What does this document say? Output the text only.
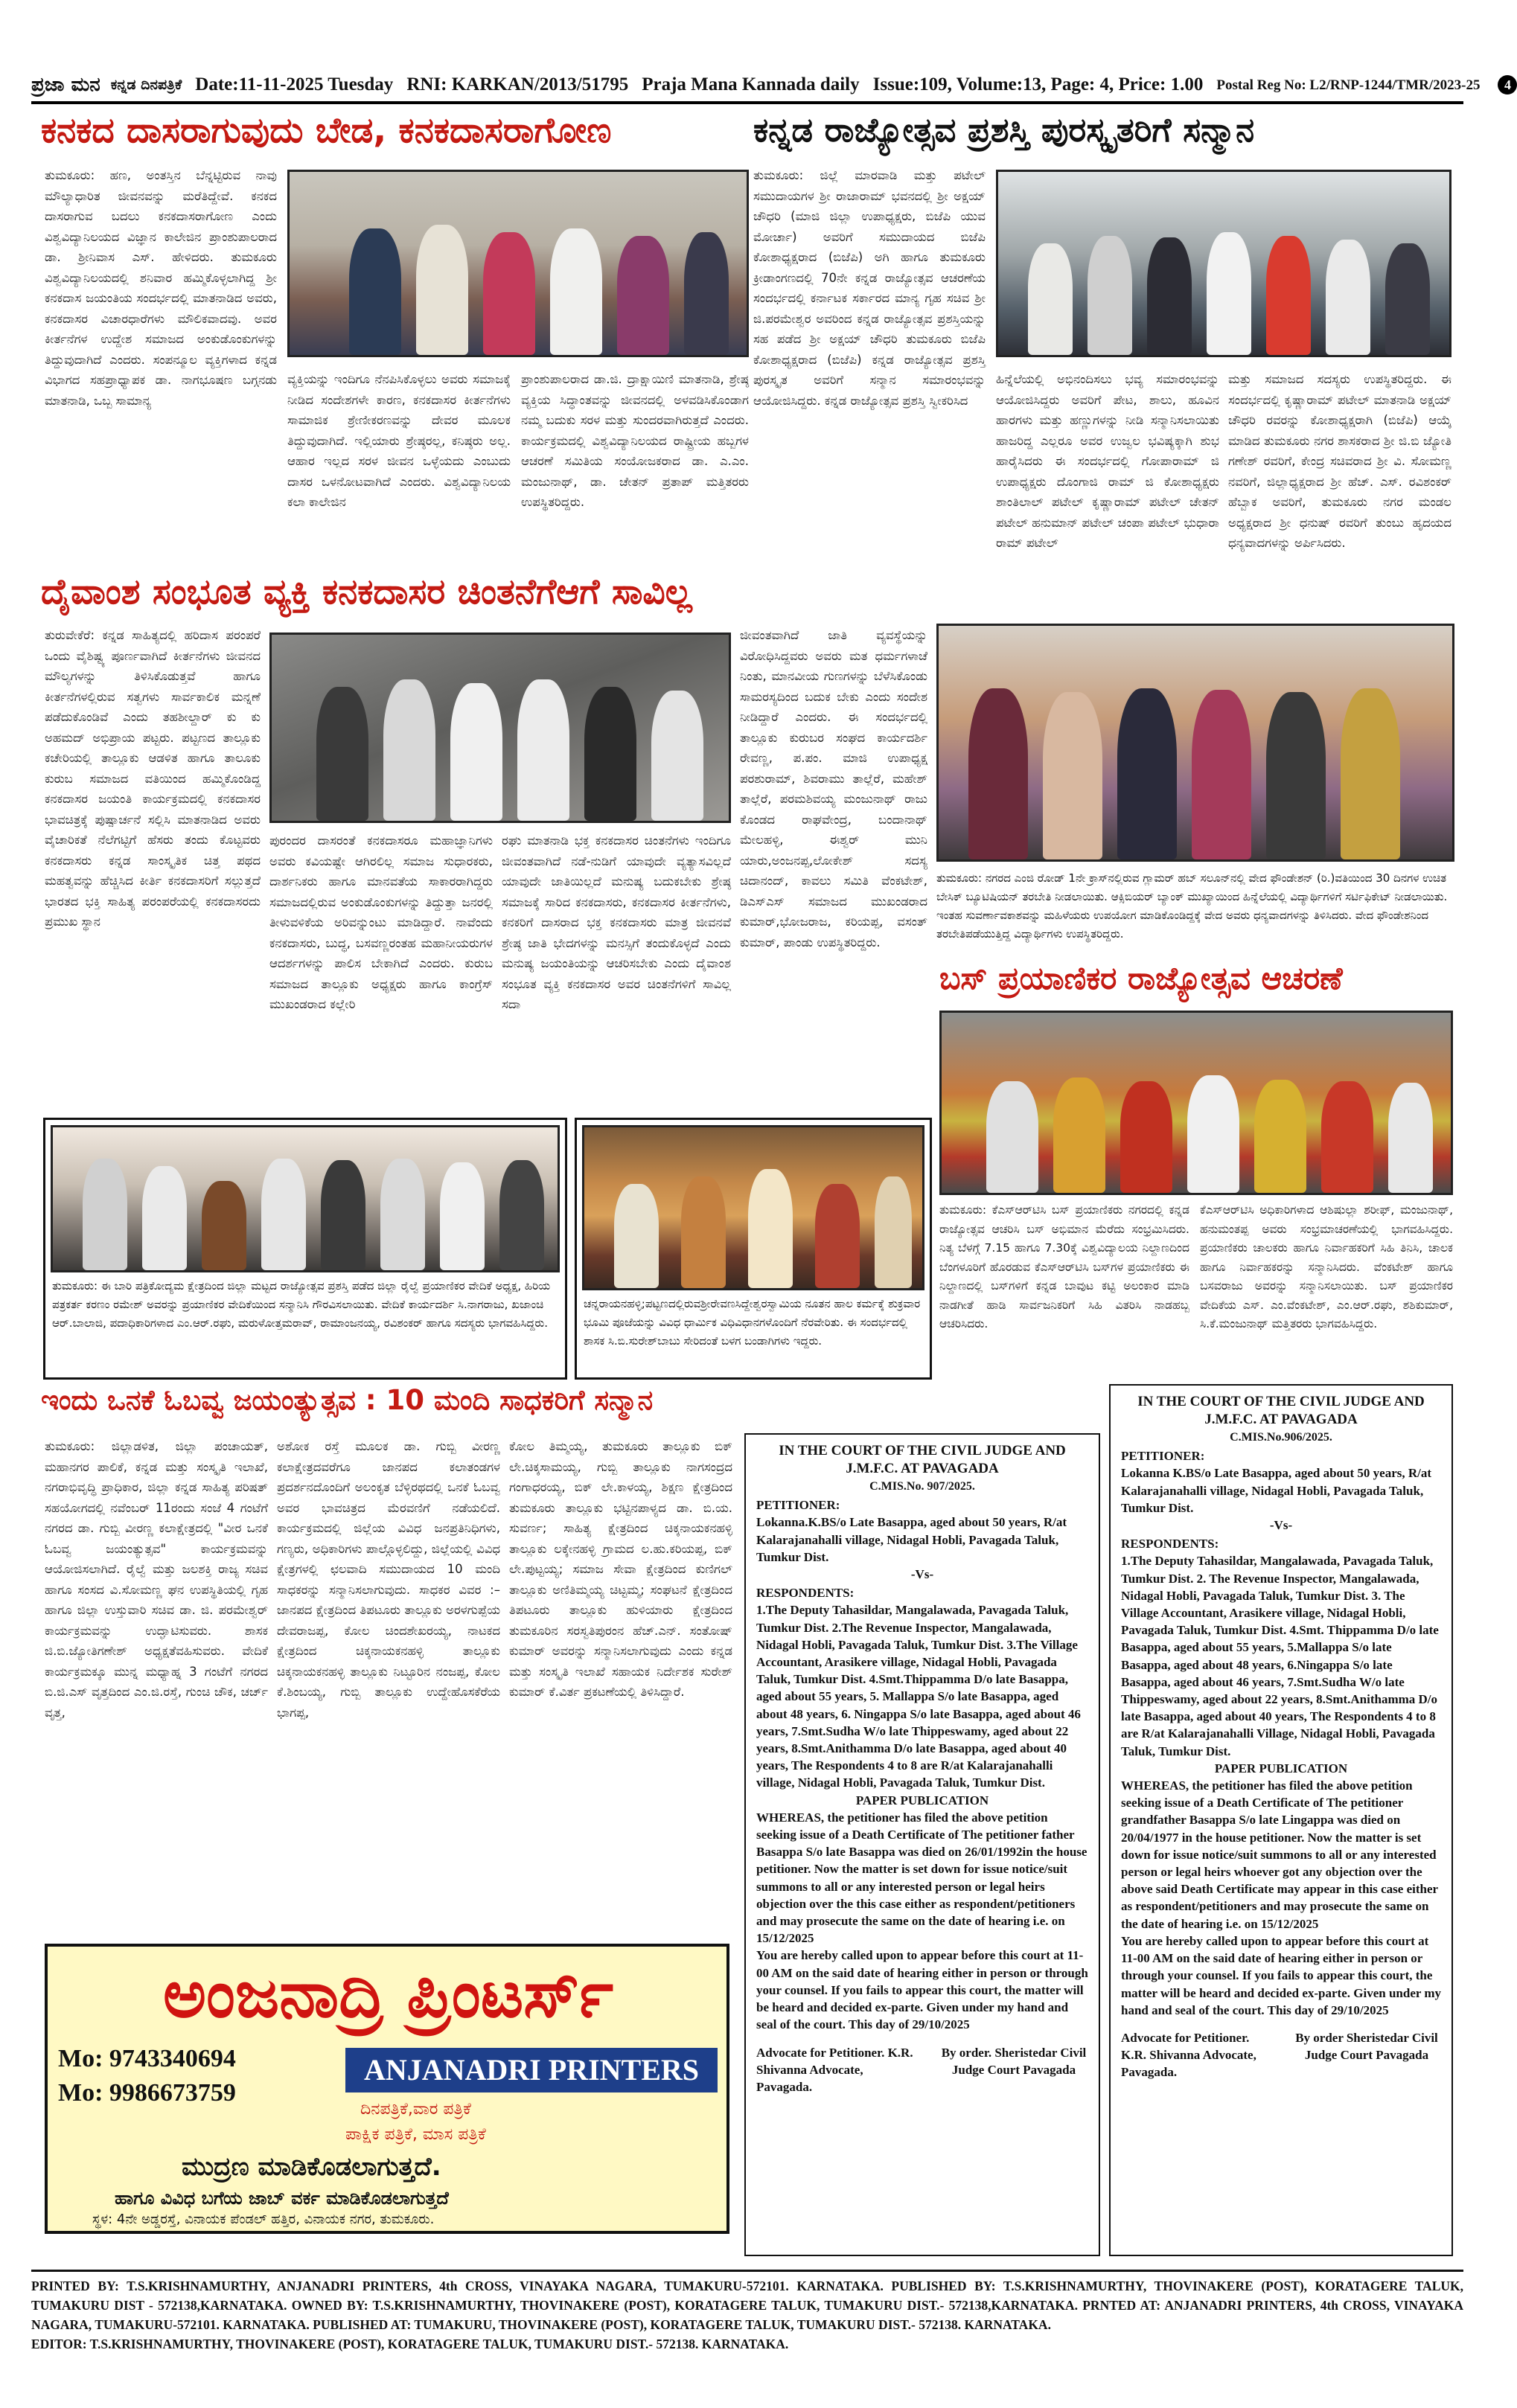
ಪ್ರಜಾ ಮನ ಕನ್ನಡ ದಿನಪತ್ರಿಕೆ Date:11-11-2025 Tuesday RNI: KARKAN/2013/51795 Praja Mana Kannada daily Issue:109, Volume:13, Page: 4, Price: 1.00 Postal Reg No: L2/RNP-1244/TMR/2023-25 4
ಕನಕದ ದಾಸರಾಗುವುದು ಬೇಡ, ಕನಕದಾಸರಾಗೋಣ
ತುಮಕೂರು: ಹಣ, ಅಂತಸ್ತಿನ ಬೆನ್ನಟ್ಟಿರುವ ನಾವು ಮೌಲ್ಯಾಧಾರಿತ ಜೀವನವನ್ನು ಮರೆತಿದ್ದೇವೆ. ಕನಕದ ದಾಸರಾಗುವ ಬದಲು ಕನಕದಾಸರಾಗೋಣ ಎಂದು ವಿಶ್ವವಿದ್ಯಾನಿಲಯದ ವಿಜ್ಞಾನ ಕಾಲೇಜಿನ ಪ್ರಾಂಶುಪಾಲರಾದ ಡಾ. ಶ್ರೀನಿವಾಸ ಎಸ್. ಹೇಳಿದರು. ತುಮಕೂರು ವಿಶ್ವವಿದ್ಯಾನಿಲಯದಲ್ಲಿ ಶನಿವಾರ ಹಮ್ಮಿಕೊಳ್ಳಲಾಗಿದ್ದ ಶ್ರೀ ಕನಕದಾಸ ಜಯಂತಿಯ ಸಂದರ್ಭದಲ್ಲಿ ಮಾತನಾಡಿದ ಅವರು, ಕನಕದಾಸರ ವಿಚಾರಧಾರೆಗಳು ಮೌಲಿಕವಾದವು. ಅವರ ಕೀರ್ತನೆಗಳ ಉದ್ದೇಶ ಸಮಾಜದ ಅಂಕುಡೊಂಕುಗಳನ್ನು ತಿದ್ದುವುದಾಗಿದೆ ಎಂದರು. ಸಂಪನ್ಮೂಲ ವ್ಯಕ್ತಿಗಳಾದ ಕನ್ನಡ ವಿಭಾಗದ ಸಹಪ್ರಾಧ್ಯಾಪಕ ಡಾ. ನಾಗಭೂಷಣ ಬಗ್ಗನಡು ಮಾತನಾಡಿ, ಒಬ್ಬ ಸಾಮಾನ್ಯ
ವ್ಯಕ್ತಿಯನ್ನು ಇಂದಿಗೂ ನೆನಪಿಸಿಕೊಳ್ಳಲು ಅವರು ಸಮಾಜಕ್ಕೆ ನೀಡಿದ ಸಂದೇಶಗಳೇ ಕಾರಣ, ಕನಕದಾಸರ ಕೀರ್ತನೆಗಳು ಸಾಮಾಜಿಕ ಶ್ರೇಣೀಕರಣವನ್ನು ದೇವರ ಮೂಲಕ ತಿದ್ದುವುದಾಗಿದೆ. ಇಲ್ಲಿಯಾರು ಶ್ರೇಷ್ಠರಲ್ಲ, ಕನಿಷ್ಠರು ಅಲ್ಲ. ಆಹಾರ ಇಲ್ಲದ ಸರಳ ಜೀವನ ಒಳ್ಳೆಯದು ಎಂಬುದು ದಾಸರ ಒಳನೋಟವಾಗಿದೆ ಎಂದರು. ವಿಶ್ವವಿದ್ಯಾನಿಲಯ ಕಲಾ ಕಾಲೇಜಿನ
ಪ್ರಾಂಶುಪಾಲರಾದ ಡಾ.ಜಿ. ದ್ರಾಕ್ಷಾಯಿಣಿ ಮಾತನಾಡಿ, ಶ್ರೇಷ್ಠ ವ್ಯಕ್ತಿಯ ಸಿದ್ಧಾಂತವನ್ನು ಜೀವನದಲ್ಲಿ ಅಳವಡಿಸಿಕೊಂಡಾಗ ನಮ್ಮ ಬದುಕು ಸರಳ ಮತ್ತು ಸುಂದರವಾಗಿರುತ್ತದೆ ಎಂದರು. ಕಾರ್ಯಕ್ರಮದಲ್ಲಿ ವಿಶ್ವವಿದ್ಯಾನಿಲಯದ ರಾಷ್ಟ್ರೀಯ ಹಬ್ಬಗಳ ಆಚರಣೆ ಸಮಿತಿಯ ಸಂಯೋಜಕರಾದ ಡಾ. ಎ.ಎಂ. ಮಂಜುನಾಥ್, ಡಾ. ಚೇತನ್ ಪ್ರತಾಪ್ ಮತ್ತಿತರರು ಉಪಸ್ಥಿತರಿದ್ದರು.
ಕನ್ನಡ ರಾಜ್ಯೋತ್ಸವ ಪ್ರಶಸ್ತಿ ಪುರಸ್ಕೃತರಿಗೆ ಸನ್ಮಾನ
ತುಮಕೂರು: ಜಿಲ್ಲೆ ಮಾರವಾಡಿ ಮತ್ತು ಪಟೇಲ್ ಸಮುದಾಯಗಳ ಶ್ರೀ ರಾಜಾರಾಮ್ ಭವನದಲ್ಲಿ ಶ್ರೀ ಅಕ್ಷಯ್ ಚೌಧರಿ (ಮಾಜಿ ಜಿಲ್ಲಾ ಉಪಾಧ್ಯಕ್ಷರು, ಬಿಜೆಪಿ ಯುವ ಮೋರ್ಚಾ) ಅವರಿಗೆ ಸಮುದಾಯದ ಬಿಜೆಪಿ ಕೋಶಾಧ್ಯಕ್ಷರಾದ (ಬಿಜೆಪಿ) ಅಗಿ ಹಾಗೂ ತುಮಕೂರು ಕ್ರೀಡಾಂಗಣದಲ್ಲಿ 70ನೇ ಕನ್ನಡ ರಾಜ್ಯೋತ್ಸವ ಆಚರಣೆಯ ಸಂದರ್ಭದಲ್ಲಿ ಕರ್ನಾಟಕ ಸರ್ಕಾರದ ಮಾನ್ಯ ಗೃಹ ಸಚಿವ ಶ್ರೀ ಜಿ.ಪರಮೇಶ್ವರ ಅವರಿಂದ ಕನ್ನಡ ರಾಜ್ಯೋತ್ಸವ ಪ್ರಶಸ್ತಿಯನ್ನು ಸಹ ಪಡೆದ ಶ್ರೀ ಅಕ್ಷಯ್ ಚೌಧರಿ ತುಮಕೂರು ಬಿಜೆಪಿ ಕೋಶಾಧ್ಯಕ್ಷರಾದ (ಬಿಜೆಪಿ) ಕನ್ನಡ ರಾಜ್ಯೋತ್ಸವ ಪ್ರಶಸ್ತಿ ಪುರಸ್ಕೃತ ಅವರಿಗೆ ಸನ್ಮಾನ ಸಮಾರಂಭವನ್ನು ಆಯೋಜಿಸಿದ್ದರು. ಕನ್ನಡ ರಾಜ್ಯೋತ್ಸವ ಪ್ರಶಸ್ತಿ ಸ್ವೀಕರಿಸಿದ
ಹಿನ್ನೆಲೆಯಲ್ಲಿ ಅಭಿನಂದಿಸಲು ಭವ್ಯ ಸಮಾರಂಭವನ್ನು ಆಯೋಜಿಸಿದ್ದರು ಅವರಿಗೆ ಪೇಟ, ಶಾಲು, ಹೂವಿನ ಹಾರಗಳು ಮತ್ತು ಹಣ್ಣುಗಳನ್ನು ನೀಡಿ ಸನ್ಮಾನಿಸಲಾಯಿತು ಹಾಜರಿದ್ದ ಎಲ್ಲರೂ ಅವರ ಉಜ್ವಲ ಭವಿಷ್ಯಕ್ಕಾಗಿ ಶುಭ ಹಾರೈಸಿದರು ಈ ಸಂದರ್ಭದಲ್ಲಿ ಗೋಪಾರಾಮ್ ಜಿ ಉಪಾಧ್ಯಕ್ಷರು ದೊಂಗಾಜಿ ರಾಮ್ ಜಿ ಕೋಶಾಧ್ಯಕ್ಷರು ಶಾಂತಿಲಾಲ್ ಪಟೇಲ್ ಕೃಷ್ಣಾರಾಮ್ ಪಟೇಲ್ ಚೇತನ್ ಪಟೇಲ್ ಹನುಮಾನ್ ಪಟೇಲ್ ಚಂಪಾ ಪಟೇಲ್ ಭುಧಾರಾ ರಾಮ್ ಪಟೇಲ್
ಮತ್ತು ಸಮಾಜದ ಸದಸ್ಯರು ಉಪಸ್ಥಿತರಿದ್ದರು. ಈ ಸಂದರ್ಭದಲ್ಲಿ ಕೃಷ್ಣಾರಾಮ್ ಪಟೇಲ್ ಮಾತನಾಡಿ ಅಕ್ಷಯ್ ಚೌಧರಿ ರವರನ್ನು ಕೋಶಾಧ್ಯಕ್ಷರಾಗಿ (ಬಿಜೆಪಿ) ಆಯ್ಕೆ ಮಾಡಿದ ತುಮಕೂರು ನಗರ ಶಾಸಕರಾದ ಶ್ರೀ ಜಿ.ಬಿ ಜ್ಯೋತಿ ಗಣೇಶ್ ರವರಿಗೆ, ಕೇಂದ್ರ ಸಚಿವರಾದ ಶ್ರೀ ವಿ. ಸೋಮಣ್ಣ ನವರಿಗೆ, ಜಿಲ್ಲಾಧ್ಯಕ್ಷರಾದ ಶ್ರೀ ಹೆಚ್. ಎಸ್. ರವಿಶಂಕರ್ ಹೆಬ್ಬಾಕ ಅವರಿಗೆ, ತುಮಕೂರು ನಗರ ಮಂಡಲ ಅಧ್ಯಕ್ಷರಾದ ಶ್ರೀ ಧನುಷ್ ರವರಿಗೆ ತುಂಬು ಹೃದಯದ ಧನ್ಯವಾದಗಳನ್ನು ಅರ್ಪಿಸಿದರು.
ದೈವಾಂಶ ಸಂಭೂತ ವ್ಯಕ್ತಿ ಕನಕದಾಸರ ಚಿಂತನೆಗೆಆಗೆ ಸಾವಿಲ್ಲ
ತುರುವೇಕೆರೆ: ಕನ್ನಡ ಸಾಹಿತ್ಯದಲ್ಲಿ ಹರಿದಾಸ ಪರಂಪರೆ ಒಂದು ವೈಶಿಷ್ಟ್ಯ ಪೂರ್ಣವಾಗಿದೆ ಕೀರ್ತನೆಗಳು ಜೀವನದ ಮೌಲ್ಯಗಳನ್ನು ತಿಳಿಸಿಕೊಡುತ್ತವೆ ಹಾಗೂ ಕೀರ್ತನೆಗಳಲ್ಲಿರುವ ಸತ್ವಗಳು ಸಾರ್ವಕಾಲಿಕ ಮನ್ನಣೆ ಪಡೆದುಕೊಂಡಿವೆ ಎಂದು ತಹಶೀಲ್ದಾರ್ ಕು ಕು ಅಹಮದ್ ಅಭಿಪ್ರಾಯ ಪಟ್ಟರು. ಪಟ್ಟಣದ ತಾಲ್ಲೂಕು ಕಚೇರಿಯಲ್ಲಿ ತಾಲ್ಲೂಕು ಆಡಳಿತ ಹಾಗೂ ತಾಲೂಕು ಕುರುಬ ಸಮಾಜದ ವತಿಯಿಂದ ಹಮ್ಮಿಕೊಂಡಿದ್ದ ಕನಕದಾಸರ ಜಯಂತಿ ಕಾರ್ಯಕ್ರಮದಲ್ಲಿ ಕನಕದಾಸರ ಭಾವಚಿತ್ರಕ್ಕೆ ಪುಷ್ಪಾರ್ಚನೆ ಸಲ್ಲಿಸಿ ಮಾತನಾಡಿದ ಅವರು ವೈಚಾರಿಕತೆ ನೆಲೆಗಟ್ಟಿಗೆ ಹೆಸರು ತಂದು ಕೊಟ್ಟವರು ಕನಕದಾಸರು ಕನ್ನಡ ಸಾಂಸ್ಕೃತಿಕ ಚಿತ್ತ ಪಥದ ಮಹತ್ವವನ್ನು ಹೆಚ್ಚಿಸಿದ ಕೀರ್ತಿ ಕನಕದಾಸರಿಗೆ ಸಲ್ಲುತ್ತದೆ ಭಾರತದ ಭಕ್ತಿ ಸಾಹಿತ್ಯ ಪರಂಪರೆಯಲ್ಲಿ ಕನಕದಾಸರದು ಪ್ರಮುಖ ಸ್ಥಾನ
ಪುರಂದರ ದಾಸರಂತೆ ಕನಕದಾಸರೂ ಮಹಾಜ್ಞಾನಿಗಳು ಅವರು ಕವಿಯಷ್ಟೇ ಆಗಿರಲಿಲ್ಲ ಸಮಾಜ ಸುಧಾರಕರು, ದಾರ್ಶನಿಕರು ಹಾಗೂ ಮಾನವತೆಯ ಸಾಕಾರರಾಗಿದ್ದರು ಸಮಾಜದಲ್ಲಿರುವ ಅಂಕುಡೊಂಕುಗಳನ್ನು ತಿದ್ದುತ್ತಾ ಜನರಲ್ಲಿ ತೀಳುವಳಿಕೆಯ ಅರಿವನ್ನುಂಟು ಮಾಡಿದ್ದಾರೆ. ನಾವೆಂದು ಕನಕದಾಸರು, ಬುದ್ಧ, ಬಸವಣ್ಣರಂತಹ ಮಹಾನೀಯರುಗಳ ಆದರ್ಶಗಳನ್ನು ಪಾಲಿಸ ಬೇಕಾಗಿದೆ ಎಂದರು. ಕುರುಬ ಸಮಾಜದ ತಾಲ್ಲೂಕು ಅಧ್ಯಕ್ಷರು ಹಾಗೂ ಕಾಂಗ್ರೆಸ್ ಮುಖಂಡರಾದ ಕಲ್ಲೇರಿ
ರಘು ಮಾತನಾಡಿ ಭಕ್ತ ಕನಕದಾಸರ ಚಿಂತನೆಗಳು ಇಂದಿಗೂ ಜೀವಂತವಾಗಿದೆ ನಡೆ-ನುಡಿಗೆ ಯಾವುದೇ ವ್ಯತ್ಯಾಸವಿಲ್ಲದೆ ಯಾವುದೇ ಜಾತಿಯಿಲ್ಲದೆ ಮನುಷ್ಯ ಬದುಕಬೇಕು ಶ್ರೇಷ್ಠ ಸಮಾಜಕ್ಕೆ ಸಾರಿದ ಕನಕದಾಸರು, ಕನಕದಾಸರ ಕೀರ್ತನೆಗಳು, ಕನಕರಿಗೆ ದಾಸರಾದ ಭಕ್ತ ಕನಕದಾಸರು ಮಾತ್ರ ಜೀವನವೆ ಶ್ರೇಷ್ಠ ಜಾತಿ ಭೇದಗಳನ್ನು ಮನಸ್ಸಿಗೆ ತಂದುಕೊಳ್ಳದೆ ಎಂದು ಮನುಷ್ಯ ಜಯಂತಿಯನ್ನು ಆಚರಿಸಬೇಕು ಎಂದು ದೈವಾಂಶ ಸಂಭೂತ ವ್ಯಕ್ತಿ ಕನಕದಾಸರ ಅವರ ಚಿಂತನೆಗಳಿಗೆ ಸಾವಿಲ್ಲ ಸದಾ
ಜೀವಂತವಾಗಿದೆ ಜಾತಿ ವ್ಯವಸ್ಥೆಯನ್ನು ವಿರೋಧಿಸಿದ್ದವರು ಅವರು ಮತ ಧರ್ಮಗಳಾಚೆ ನಿಂತು, ಮಾನವೀಯ ಗುಣಗಳನ್ನು ಬೆಳೆಸಿಕೊಂಡು ಸಾಮರಸ್ಯದಿಂದ ಬದುಕ ಬೇಕು ಎಂದು ಸಂದೇಶ ನೀಡಿದ್ದಾರೆ ಎಂದರು. ಈ ಸಂದರ್ಭದಲ್ಲಿ ತಾಲ್ಲೂಕು ಕುರುಬರ ಸಂಘದ ಕಾರ್ಯದರ್ಶಿ ರೇವಣ್ಣ, ಪ.ಪಂ. ಮಾಜಿ ಉಪಾಧ್ಯಕ್ಷ ಪರಶುರಾಮ್, ಶಿವರಾಮು ತಾಲ್ಲೆರೆ, ಮಹೇಶ್ ತಾಲ್ಲೆರೆ, ಪರಮಶಿವಯ್ಯ ಮಂಜುನಾಥ್ ರಾಜು ಕೊಂಡದ ರಾಘವೇಂದ್ರ, ಬಂದಾನಾಥ್ ಮೇಲಹಳ್ಳಿ, ಈಶ್ವರ್ ಮುನಿ ಯಾರು,ಅಂಜನಪ್ಪ,ಲೋಕೇಶ್ ಸದಸ್ಯ ಚಿದಾನಂದ್, ಕಾವಲು ಸಮಿತಿ ವೆಂಕಟೇಶ್, ಡಿಎಸ್‌ಎಸ್ ಸಮಾಜದ ಮುಖಂಡರಾದ ಕುಮಾರ್,ಭೋಜರಾಜ, ಕರಿಯಪ್ಪ, ವಸಂತ್ ಕುಮಾರ್, ಪಾಂಡು ಉಪಸ್ಥಿತರಿದ್ದರು.
ತುಮಕೂರು: ನಗರದ ಎಂಜಿ ರೋಡ್ 1ನೇ ಕ್ರಾಸ್‌ನಲ್ಲಿರುವ ಗ್ಲಾಮರ್ ಹಬ್ ಸಲೂನ್‌ನಲ್ಲಿ ವೇದ ಫೌಂಡೇಶನ್ (ರಿ.)ವತಿಯಿಂದ 30 ದಿನಗಳ ಉಚಿತ ಬೇಸಿಕ್ ಬ್ಯೂಟಿಷಿಯನ್ ತರಬೇತಿ ನೀಡಲಾಯಿತು. ಆಕ್ಸಿಬಿಯರ್ ಬ್ಯಾಂಕ್ ಮುಖ್ಯಾಯಿಂದ ಹಿನ್ನೆಲೆಯಲ್ಲಿ ವಿದ್ಯಾರ್ಥಿಗಳಿಗೆ ಸರ್ಟಿಫಿಕೇಟ್ ನೀಡಲಾಯಿತು. ಇಂತಹ ಸುವರ್ಣಾವಕಾಶವನ್ನು ಮಹಿಳೆಯರು ಉಪಯೋಗ ಮಾಡಿಕೊಂಡಿದ್ದಕ್ಕೆ ವೇದ ಅವರು ಧನ್ಯವಾದಗಳನ್ನು ತಿಳಿಸಿದರು. ವೇದ ಫೌಂಡೇಶನಿಂದ ತರಬೇತಿಪಡೆಯುತ್ತಿದ್ದ ವಿದ್ಯಾರ್ಥಿಗಳು ಉಪಸ್ಥಿತರಿದ್ದರು.
ಬಸ್ ಪ್ರಯಾಣಿಕರ ರಾಜ್ಯೋತ್ಸವ ಆಚರಣೆ
ತುಮಕೂರು: ಕೆಎಸ್‌ಆರ್‌ಟಿಸಿ ಬಸ್ ಪ್ರಯಾಣಿಕರು ನಗರದಲ್ಲಿ ಕನ್ನಡ ರಾಜ್ಯೋತ್ಸವ ಆಚರಿಸಿ ಬಸ್ ಅಭಿಮಾನ ಮೆರೆದು ಸಂಭ್ರಮಿಸಿದರು. ನಿತ್ಯ ಬೆಳಗ್ಗೆ 7.15 ಹಾಗೂ 7.30ಕ್ಕೆ ವಿಶ್ವವಿದ್ಯಾಲಯ ನಿಲ್ದಾಣದಿಂದ ಬೆಂಗಳೂರಿಗೆ ಹೊರಡುವ ಕೆಎಸ್‌ಆರ್‌ಟಿಸಿ ಬಸ್‌ಗಳ ಪ್ರಯಾಣಿಕರು ಈ ನಿಲ್ದಾಣದಲ್ಲಿ ಬಸ್‌ಗಳಿಗೆ ಕನ್ನಡ ಬಾವುಟ ಕಟ್ಟಿ ಅಲಂಕಾರ ಮಾಡಿ ನಾಡಗೀತೆ ಹಾಡಿ ಸಾರ್ವಜನಿಕರಿಗೆ ಸಿಹಿ ವಿತರಿಸಿ ನಾಡಹಬ್ಬ ಆಚರಿಸಿದರು.
ಕೆಎಸ್‌ಆರ್‌ಟಿಸಿ ಅಧಿಕಾರಿಗಳಾದ ಆಶಿಷುಲ್ಲಾ ಶರೀಫ್, ಮಂಜುನಾಥ್, ಹನುಮಂತಪ್ಪ ಅವರು ಸಂಭ್ರಮಾಚರಣೆಯಲ್ಲಿ ಭಾಗವಹಿಸಿದ್ದರು. ಪ್ರಯಾಣಿಕರು ಚಾಲಕರು ಹಾಗೂ ನಿರ್ವಾಹಕರಿಗೆ ಸಿಹಿ ತಿನಿಸಿ, ಚಾಲಕ ಹಾಗೂ ನಿರ್ವಾಹಕರನ್ನು ಸನ್ಮಾನಿಸಿದರು. ವೆಂಕಟೇಶ್ ಹಾಗೂ ಬಸವರಾಜು ಅವರನ್ನು ಸನ್ಮಾನಿಸಲಾಯಿತು. ಬಸ್ ಪ್ರಯಾಣಿಕರ ವೇದಿಕೆಯ ಎಸ್. ಎಂ.ವೆಂಕಟೇಶ್, ಎಂ.ಆರ್.ರಘು, ಶಶಿಕುಮಾರ್, ಸಿ.ಕೆ.ಮಂಜುನಾಥ್ ಮತ್ತಿತರರು ಭಾಗವಹಿಸಿದ್ದರು.
ತುಮಕೂರು: ಈ ಬಾರಿ ಪತ್ರಿಕೋದ್ಯಮ ಕ್ಷೇತ್ರದಿಂದ ಜಿಲ್ಲಾ ಮಟ್ಟದ ರಾಜ್ಯೋತ್ಸವ ಪ್ರಶಸ್ತಿ ಪಡೆದ ಜಿಲ್ಲಾ ರೈಲ್ವೆ ಪ್ರಯಾಣಿಕರ ವೇದಿಕೆ ಅಧ್ಯಕ್ಷ, ಹಿರಿಯ ಪತ್ರಕರ್ತ ಕರಣಂ ರಮೇಶ್ ಅವರನ್ನು ಪ್ರಯಾಣಿಕರ ವೇದಿಕೆಯಿಂದ ಸನ್ಮಾನಿಸಿ ಗೌರವಿಸಲಾಯಿತು. ವೇದಿಕೆ ಕಾರ್ಯದರ್ಶಿ ಸಿ.ನಾಗರಾಜು, ಖಜಾಂಚಿ ಆರ್.ಬಾಲಾಜಿ, ಪದಾಧಿಕಾರಿಗಳಾದ ಎಂ.ಆರ್.ರಘು, ಮರುಳೋತ್ತಮರಾವ್, ರಾಮಾಂಜನಯ್ಯ, ರವಿಶಂಕರ್ ಹಾಗೂ ಸದಸ್ಯರು ಭಾಗವಹಿಸಿದ್ದರು.
ಚನ್ನರಾಯನಹಳ್ಳಿ;ಪಟ್ಟಣದಲ್ಲಿರುವಶ್ರೀರೇವಣಸಿದ್ದೇಶ್ವರಸ್ವಾಮಿಯ ನೂತನ ಹಾಲ ಕರ್ಮಕ್ಕೆ ಶುಕ್ರವಾರ ಭೂಮಿ ಪೂಜೆಯನ್ನು ವಿವಿಧ ಧಾರ್ಮಿಕ ವಿಧಿವಿಧಾನಗಳೊಂದಿಗೆ ನೆರವೇರಿತು. ಈ ಸಂದರ್ಭದಲ್ಲಿ ಶಾಸಕ ಸಿ.ಬಿ.ಸುರೇಶ್‌ಬಾಬು ಸೇರಿದಂತೆ ಬಳಗ ಬಂಡಾಗಿಗಳು ಇದ್ದರು.
ಇಂದು ಒನಕೆ ಓಬವ್ವ ಜಯಂತ್ಯುತ್ಸವ : 10 ಮಂದಿ ಸಾಧಕರಿಗೆ ಸನ್ಮಾನ
ತುಮಕೂರು: ಜಿಲ್ಲಾಡಳಿತ, ಜಿಲ್ಲಾ ಪಂಚಾಯತ್, ಮಹಾನಗರ ಪಾಲಿಕೆ, ಕನ್ನಡ ಮತ್ತು ಸಂಸ್ಕೃತಿ ಇಲಾಖೆ, ನಗರಾಭಿವೃದ್ಧಿ ಪ್ರಾಧಿಕಾರ, ಜಿಲ್ಲಾ ಕನ್ನಡ ಸಾಹಿತ್ಯ ಪರಿಷತ್ ಸಹಯೋಗದಲ್ಲಿ ನವೆಂಬರ್ 11ರಂದು ಸಂಜೆ 4 ಗಂಟೆಗೆ ನಗರದ ಡಾ. ಗುಬ್ಬಿ ವೀರಣ್ಣ ಕಲಾಕ್ಷೇತ್ರದಲ್ಲಿ "ವೀರ ಒನಕೆ ಓಬವ್ವ ಜಯಂತ್ಯುತ್ಸವ" ಕಾರ್ಯಕ್ರಮವನ್ನು ಆಯೋಜಿಸಲಾಗಿದೆ. ರೈಲ್ವೆ ಮತ್ತು ಜಲಶಕ್ತಿ ರಾಜ್ಯ ಸಚಿವ ಹಾಗೂ ಸಂಸದ ವಿ.ಸೋಮಣ್ಣ ಘನ ಉಪಸ್ಥಿತಿಯಲ್ಲಿ ಗೃಹ ಹಾಗೂ ಜಿಲ್ಲಾ ಉಸ್ತುವಾರಿ ಸಚಿವ ಡಾ. ಜಿ. ಪರಮೇಶ್ವರ್ ಕಾರ್ಯಕ್ರಮವನ್ನು ಉದ್ಘಾಟಿಸುವರು. ಶಾಸಕ ಜಿ.ಬಿ.ಜ್ಯೋತಿಗಣೇಶ್ ಅಧ್ಯಕ್ಷತೆವಹಿಸುವರು. ವೇದಿಕೆ ಕಾರ್ಯಕ್ರಮಕ್ಕೂ ಮುನ್ನ ಮಧ್ಯಾಹ್ನ 3 ಗಂಟೆಗೆ ನಗರದ ಬಿ.ಜಿ.ಎಸ್ ವೃತ್ತದಿಂದ ಎಂ.ಜಿ.ರಸ್ತೆ, ಗುಂಚಿ ಚೌಕ, ಚರ್ಚ್ ವೃತ್ತ,
ಅಶೋಕ ರಸ್ತೆ ಮೂಲಕ ಡಾ. ಗುಬ್ಬಿ ವೀರಣ್ಣ ಕಲಾಕ್ಷೇತ್ರದವರೆಗೂ ಜಾನಪದ ಕಲಾತಂಡಗಳ ಪ್ರದರ್ಶನದೊಂದಿಗೆ ಅಲಂಕೃತ ಬೆಳ್ಳಿರಥದಲ್ಲಿ ಒನಕೆ ಓಬವ್ವ ಅವರ ಭಾವಚಿತ್ರದ ಮೆರವಣಿಗೆ ನಡೆಯಲಿದೆ. ಕಾರ್ಯಕ್ರಮದಲ್ಲಿ ಜಿಲ್ಲೆಯ ವಿವಿಧ ಜನಪ್ರತಿನಿಧಿಗಳು, ಗಣ್ಯರು, ಅಧಿಕಾರಿಗಳು ಪಾಲ್ಗೊಳ್ಳಲಿದ್ದು, ಜಿಲ್ಲೆಯಲ್ಲಿ ವಿವಿಧ ಕ್ಷೇತ್ರಗಳಲ್ಲಿ ಛಲವಾದಿ ಸಮುದಾಯದ 10 ಮಂದಿ ಸಾಧಕರನ್ನು ಸನ್ಮಾನಿಸಲಾಗುವುದು. ಸಾಧಕರ ವಿವರ :– ಜಾನಪದ ಕ್ಷೇತ್ರದಿಂದ ತಿಪಟೂರು ತಾಲ್ಲೂಕು ಅರಳಗುಪ್ಪೆಯ ದೇವರಾಜಪ್ಪ, ಕೋಲ ಚಿಂದಶೇಖರಯ್ಯ, ನಾಟಕದ ಕ್ಷೇತ್ರದಿಂದ ಚಿಕ್ಕನಾಯಕನಹಳ್ಳಿ ತಾಲ್ಲೂಕು ಚಿಕ್ಕನಾಯಕನಹಳ್ಳಿ ತಾಲ್ಲೂಕು ನಿಟ್ಟೂರಿನ ನಂಜಪ್ಪ, ಕೋಲ ಕೆ.ಶಿಂಬಯ್ಯ, ಗುಬ್ಬಿ ತಾಲ್ಲೂಕು ಉದ್ದೇಹೊಸಕೆರೆಯ ಭಾಗಪ್ಪ,
ಕೋಲ ತಿಮ್ಮಯ್ಯ, ತುಮಕೂರು ತಾಲ್ಲೂಕು ಬಿಕ್ ಲೇ.ಚಿಕ್ಕಸಾಮಯ್ಯ, ಗುಬ್ಬಿ ತಾಲ್ಲೂಕು ನಾಗಸಂದ್ರದ ಗಂಗಾಧರಯ್ಯ, ಬಿಕ್ ಲೇ.ಕಾಳಯ್ಯ, ಶಿಕ್ಷಣ ಕ್ಷೇತ್ರದಿಂದ ತುಮಕೂರು ತಾಲ್ಲೂಕು ಭಟ್ಟಿನಪಾಳ್ಯದ ಡಾ. ಬಿ.ಯ. ಸುವರ್ಣ; ಸಾಹಿತ್ಯ ಕ್ಷೇತ್ರದಿಂದ ಚಿಕ್ಕನಾಯಕನಹಳ್ಳಿ ತಾಲ್ಲೂಕು ಲಕ್ಕೇನಹಳ್ಳಿ ಗ್ರಾಮದ ಲ.ಹು.ಕರಿಯಪ್ಪ, ಬಿಕ್ ಲೇ.ಪುಟ್ಟಯ್ಯ; ಸಮಾಜ ಸೇವಾ ಕ್ಷೇತ್ರದಿಂದ ಕುಣಿಗಲ್ ತಾಲ್ಲೂಕು ಅಣಿತಿಮ್ಮಯ್ಯ ಚಿಟ್ಟಮ್ಮ; ಸಂಘಟನೆ ಕ್ಷೇತ್ರದಿಂದ ತಿಪಟೂರು ತಾಲ್ಲೂಕು ಹುಳಿಯಾರು ಕ್ಷೇತ್ರದಿಂದ ತುಮಕೂರಿನ ಸರಸ್ವತಿಪುರಂನ ಹೆಚ್.ಎನ್. ಸಂತೋಷ್ ಕುಮಾರ್ ಅವರನ್ನು ಸನ್ಮಾನಿಸಲಾಗುವುದು ಎಂದು ಕನ್ನಡ ಮತ್ತು ಸಂಸ್ಕೃತಿ ಇಲಾಖೆ ಸಹಾಯಕ ನಿರ್ದೇಶಕ ಸುರೇಶ್ ಕುಮಾರ್ ಕೆ.ವಿರ್ತ ಪ್ರಕಟಣೆಯಲ್ಲಿ ತಿಳಿಸಿದ್ದಾರೆ.
IN THE COURT OF THE CIVIL JUDGE AND J.M.F.C. AT PAVAGADA
C.MIS.No. 907/2025.
PETITIONER:
Lokanna.K.BS/o Late Basappa, aged about 50 years, R/at Kalarajanahalli village, Nidagal Hobli, Pavagada Taluk, Tumkur Dist.
-Vs-
RESPONDENTS:
1.The Deputy Tahasildar, Mangalawada, Pavagada Taluk, Tumkur Dist. 2.The Revenue Inspector, Mangalawada, Nidagal Hobli, Pavagada Taluk, Tumkur Dist. 3.The Village Accountant, Arasikere village, Nidagal Hobli, Pavagada Taluk, Tumkur Dist. 4.Smt.Thippamma D/o late Basappa, aged about 55 years, 5. Mallappa S/o late Basappa, aged about 48 years, 6. Ningappa S/o late Basappa, aged about 46 years, 7.Smt.Sudha W/o late Thippeswamy, aged about 22 years, 8.Smt.Anithamma D/o late Basappa, aged about 40 years, The Respondents 4 to 8 are R/at Kalarajanahalli village, Nidagal Hobli, Pavagada Taluk, Tumkur Dist.
PAPER PUBLICATION
WHEREAS, the petitioner has filed the above petition seeking issue of a Death Certificate of The petitioner father Basappa S/o late Basappa was died on 26/01/1992in the house petitioner. Now the matter is set down for issue notice/suit summons to all or any interested person or legal heirs objection over the this case either as respondent/petitioners and may prosecute the same on the date of hearing i.e. on 15/12/2025
You are hereby called upon to appear before this court at 11-00 AM on the said date of hearing either in person or through your counsel. If you fails to appear this court, the matter will be heard and decided ex-parte. Given under my hand and seal of the court. This day of 29/10/2025
Advocate for Petitioner. K.R. Shivanna Advocate, Pavagada.
By order. Sheristedar Civil Judge Court Pavagada
IN THE COURT OF THE CIVIL JUDGE AND J.M.F.C. AT PAVAGADA
C.MIS.No.906/2025.
PETITIONER:
Lokanna K.BS/o Late Basappa, aged about 50 years, R/at Kalarajanahalli village, Nidagal Hobli, Pavagada Taluk, Tumkur Dist.
-Vs-
RESPONDENTS:
1.The Deputy Tahasildar, Mangalawada, Pavagada Taluk, Tumkur Dist. 2. The Revenue Inspector, Mangalawada, Nidagal Hobli, Pavagada Taluk, Tumkur Dist. 3. The Village Accountant, Arasikere village, Nidagal Hobli, Pavagada Taluk, Tumkur Dist. 4.Smt. Thippamma D/o late Basappa, aged about 55 years, 5.Mallappa S/o late Basappa, aged about 48 years, 6.Ningappa S/o late Basappa, aged about 46 years, 7.Smt.Sudha W/o late Thippeswamy, aged about 22 years, 8.Smt.Anithamma D/o late Basappa, aged about 40 years, The Respondents 4 to 8 are R/at Kalarajanahalli Village, Nidagal Hobli, Pavagada Taluk, Tumkur Dist.
PAPER PUBLICATION
WHEREAS, the petitioner has filed the above petition seeking issue of a Death Certificate of The petitioner grandfather Basappa S/o late Lingappa was died on 20/04/1977 in the house petitioner. Now the matter is set down for issue notice/suit summons to all or any interested person or legal heirs whoever got any objection over the above said Death Certificate may appear in this case either as respondent/petitioners and may prosecute the same on the date of hearing i.e. on 15/12/2025
You are hereby called upon to appear before this court at 11-00 AM on the said date of hearing either in person or through your counsel. If you fails to appear this court, the matter will be heard and decided ex-parte. Given under my hand and seal of the court. This day of 29/10/2025
Advocate for Petitioner. K.R. Shivanna Advocate, Pavagada.
By order Sheristedar Civil Judge Court Pavagada
ಅಂಜನಾದ್ರಿ ಪ್ರಿಂಟರ್ಸ್
Mo: 9743340694
Mo: 9986673759
ANJANADRI PRINTERS
ದಿನಪತ್ರಿಕೆ,ವಾರ ಪತ್ರಿಕೆ
ಪಾಕ್ಷಿಕ ಪತ್ರಿಕೆ, ಮಾಸ ಪತ್ರಿಕೆ
ಮುದ್ರಣ ಮಾಡಿಕೊಡಲಾಗುತ್ತದೆ.
ಹಾಗೂ ವಿವಿಧ ಬಗೆಯ ಜಾಬ್ ವರ್ಕ ಮಾಡಿಕೊಡಲಾಗುತ್ತದೆ
ಸ್ಥಳ: 4ನೇ ಅಡ್ಡರಸ್ತೆ, ವಿನಾಯಕ ಪೆಂಡಲ್ ಹತ್ತಿರ, ವಿನಾಯಕ ನಗರ, ತುಮಕೂರು.
PRINTED BY: T.S.KRISHNAMURTHY, ANJANADRI PRINTERS, 4th CROSS, VINAYAKA NAGARA, TUMAKURU-572101. KARNATAKA. PUBLISHED BY: T.S.KRISHNAMURTHY, THOVINAKERE (POST), KORATAGERE TALUK, TUMAKURU DIST - 572138,KARNATAKA. OWNED BY: T.S.KRISHNAMURTHY, THOVINAKERE (POST), KORATAGERE TALUK, TUMAKURU DIST.- 572138,KARNATAKA. PRNTED AT: ANJANADRI PRINTERS, 4th CROSS, VINAYAKA NAGARA, TUMAKURU-572101. KARNATAKA. PUBLISHED AT: TUMAKURU, THOVINAKERE (POST), KORATAGERE TALUK, TUMAKURU DIST.- 572138. KARNATAKA.
EDITOR: T.S.KRISHNAMURTHY, THOVINAKERE (POST), KORATAGERE TALUK, TUMAKURU DIST.- 572138. KARNATAKA.
